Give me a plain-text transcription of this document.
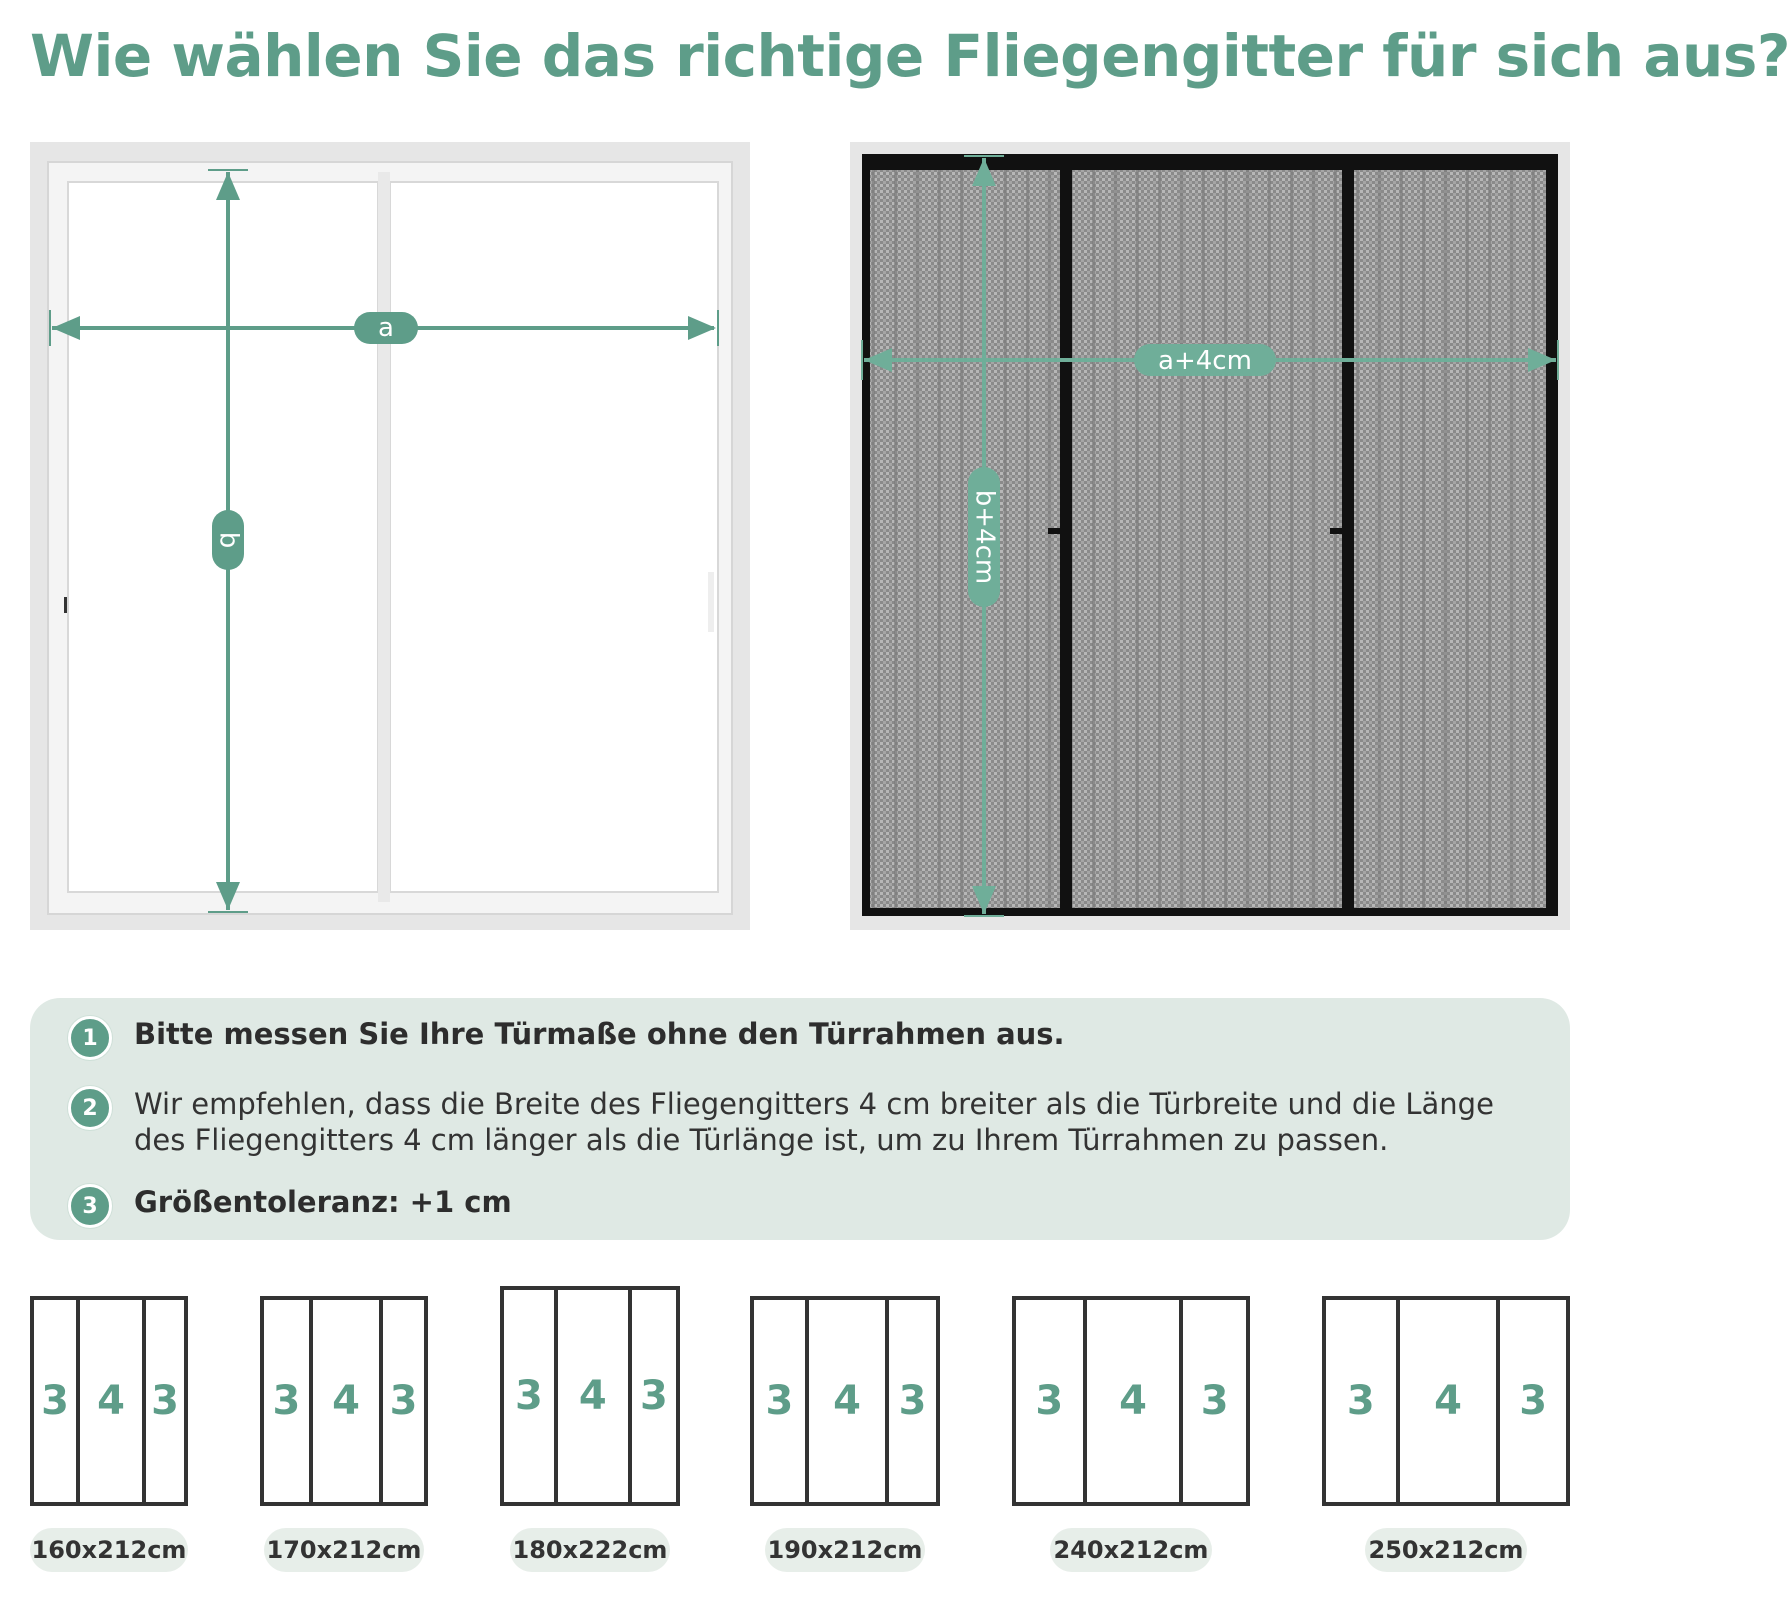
Wie wählen Sie das richtige Fliegengitter für sich aus?
a
b
a+4cm
b+4cm
1	Bitte messen Sie Ihre Türmaße ohne den Türrahmen aus.
2	Wir empfehlen, dass die Breite des Fliegengitters 4 cm breiter als die Türbreite und die Länge des Fliegengitters 4 cm länger als die Türlänge ist, um zu Ihrem Türrahmen zu passen.
3	Größentoleranz: +1 cm
3 4 3
160x212cm
3 4 3
170x212cm
3 4 3
180x222cm
3 4 3
190x212cm
3	4	3
240x212cm
3	4	3
250x212cm
